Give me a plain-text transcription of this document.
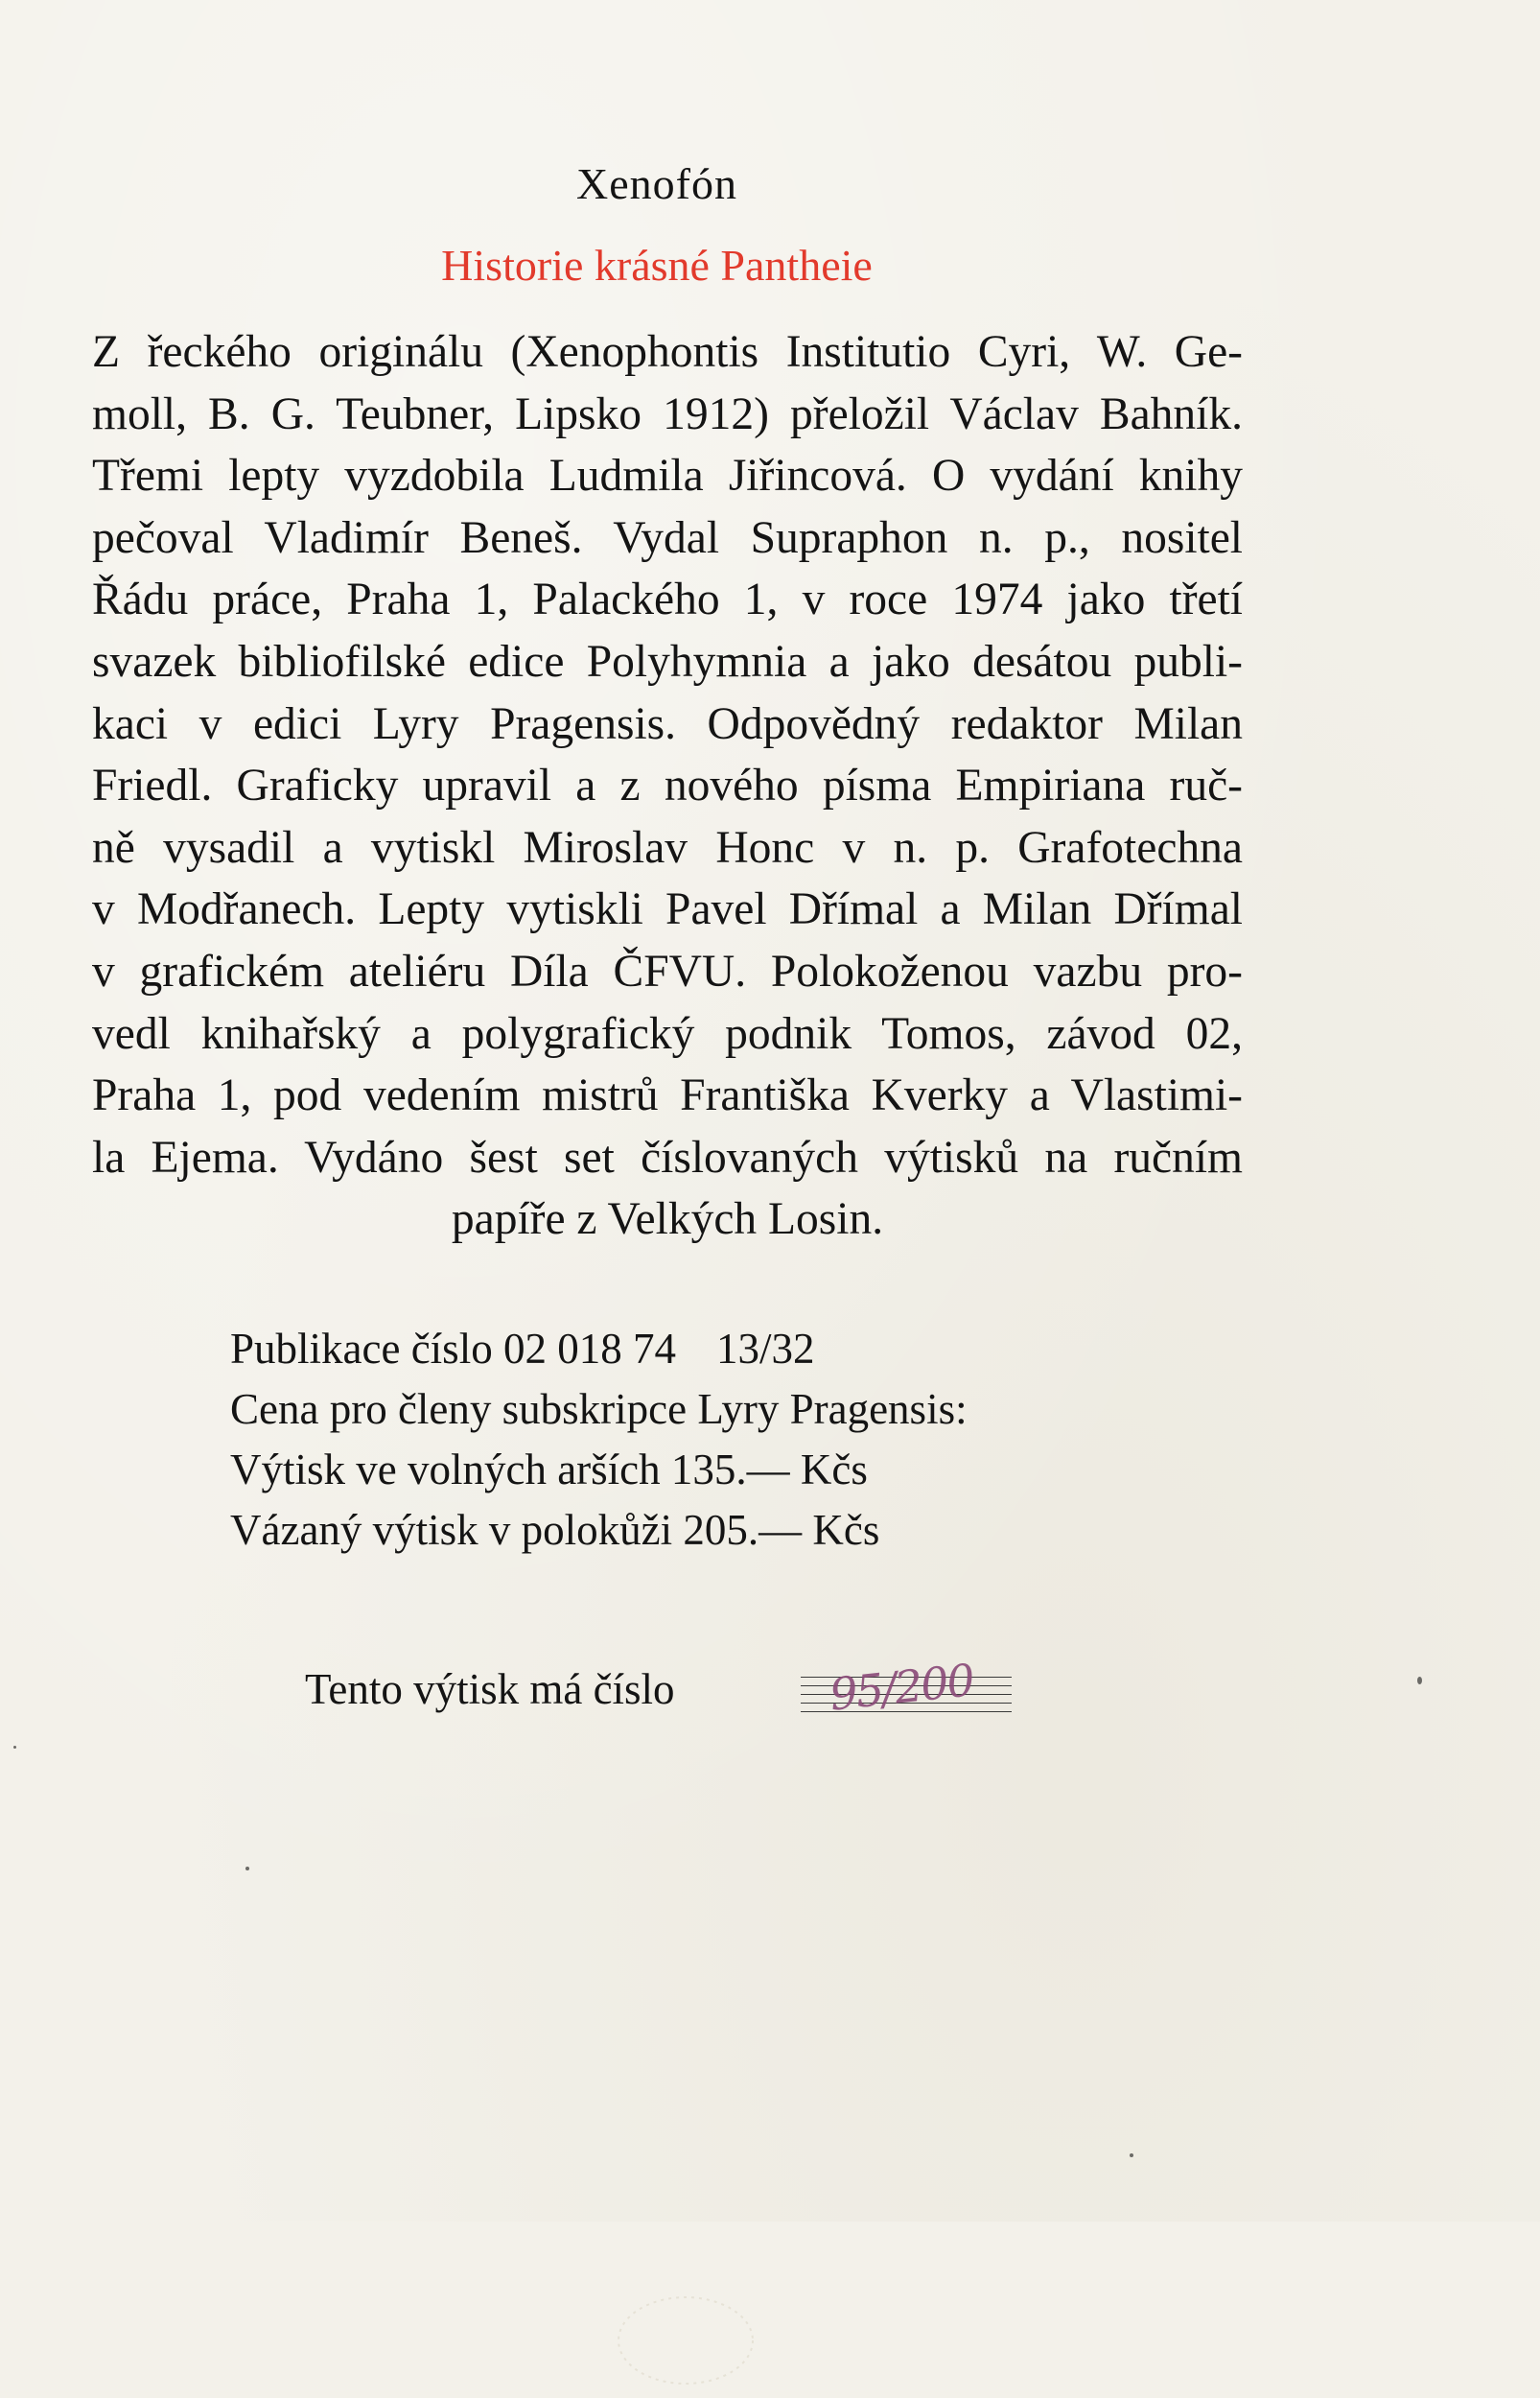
Xenofón
Historie krásné Pantheie
Z řeckého originálu (Xenophontis Institutio Cyri, W. Ge-
moll, B. G. Teubner, Lipsko 1912) přeložil Václav Bahník.
Třemi lepty vyzdobila Ludmila Jiřincová. O vydání knihy
pečoval Vladimír Beneš. Vydal Supraphon n. p., nositel
Řádu práce, Praha 1, Palackého 1, v roce 1974 jako třetí
svazek bibliofilské edice Polyhymnia a jako desátou publi-
kaci v edici Lyry Pragensis. Odpovědný redaktor Milan
Friedl. Graficky upravil a z nového písma Empiriana ruč-
ně vysadil a vytiskl Miroslav Honc v n. p. Grafotechna
v Modřanech. Lepty vytiskli Pavel Dřímal a Milan Dřímal
v grafickém ateliéru Díla ČFVU. Polokoženou vazbu pro-
vedl knihařský a polygrafický podnik Tomos, závod 02,
Praha 1, pod vedením mistrů Františka Kverky a Vlastimi-
la Ejema. Vydáno šest set číslovaných výtisků na ručním
papíře z Velkých Losin.
Publikace číslo 02 018 74 13/32
Cena pro členy subskripce Lyry Pragensis:
Výtisk ve volných arších 135.— Kčs
Vázaný výtisk v polokůži 205.— Kčs
Tento výtisk má číslo	95/200
